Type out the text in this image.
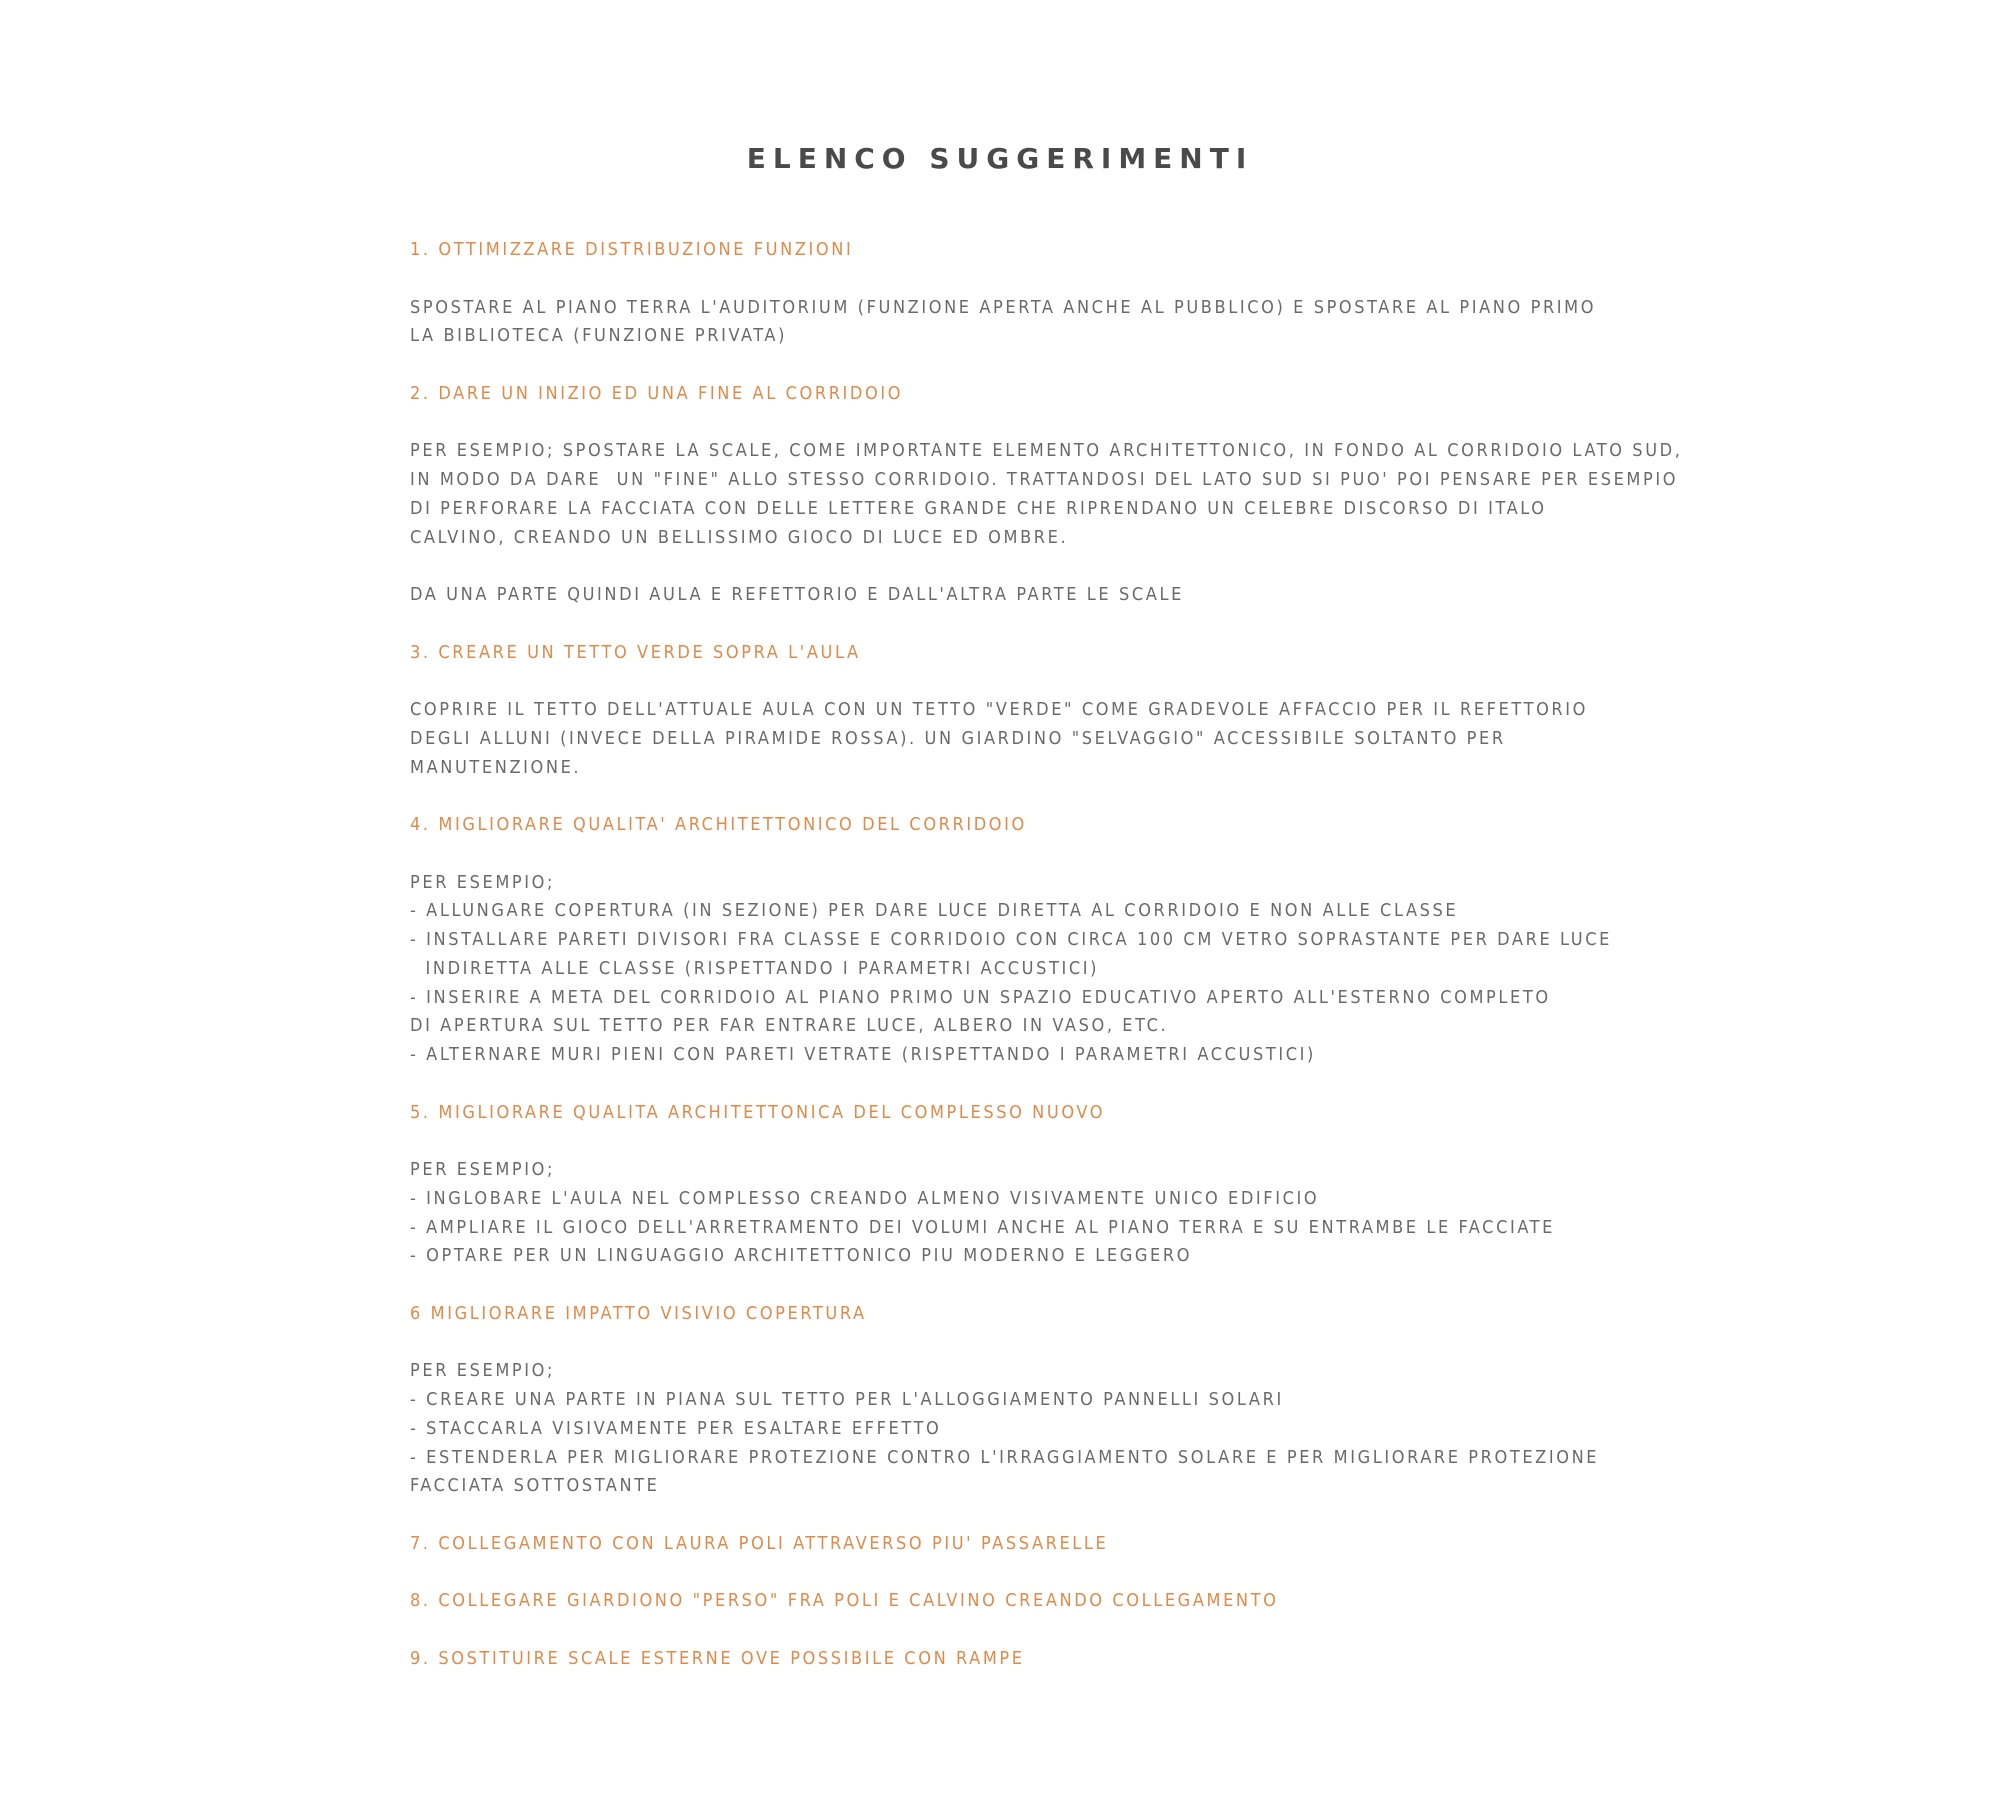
ELENCO SUGGERIMENTI
1. OTTIMIZZARE DISTRIBUZIONE FUNZIONI
SPOSTARE AL PIANO TERRA L'AUDITORIUM (FUNZIONE APERTA ANCHE AL PUBBLICO) E SPOSTARE AL PIANO PRIMO
LA BIBLIOTECA (FUNZIONE PRIVATA)
2. DARE UN INIZIO ED UNA FINE AL CORRIDOIO
PER ESEMPIO; SPOSTARE LA SCALE, COME IMPORTANTE ELEMENTO ARCHITETTONICO, IN FONDO AL CORRIDOIO LATO SUD,
IN MODO DA DARE  UN "FINE" ALLO STESSO CORRIDOIO. TRATTANDOSI DEL LATO SUD SI PUO' POI PENSARE PER ESEMPIO
DI PERFORARE LA FACCIATA CON DELLE LETTERE GRANDE CHE RIPRENDANO UN CELEBRE DISCORSO DI ITALO
CALVINO, CREANDO UN BELLISSIMO GIOCO DI LUCE ED OMBRE.
DA UNA PARTE QUINDI AULA E REFETTORIO E DALL'ALTRA PARTE LE SCALE
3. CREARE UN TETTO VERDE SOPRA L'AULA
COPRIRE IL TETTO DELL'ATTUALE AULA CON UN TETTO "VERDE" COME GRADEVOLE AFFACCIO PER IL REFETTORIO
DEGLI ALLUNI (INVECE DELLA PIRAMIDE ROSSA). UN GIARDINO "SELVAGGIO" ACCESSIBILE SOLTANTO PER
MANUTENZIONE.
4. MIGLIORARE QUALITA' ARCHITETTONICO DEL CORRIDOIO
PER ESEMPIO;
- ALLUNGARE COPERTURA (IN SEZIONE) PER DARE LUCE DIRETTA AL CORRIDOIO E NON ALLE CLASSE
- INSTALLARE PARETI DIVISORI FRA CLASSE E CORRIDOIO CON CIRCA 100 CM VETRO SOPRASTANTE PER DARE LUCE
INDIRETTA ALLE CLASSE (RISPETTANDO I PARAMETRI ACCUSTICI)
- INSERIRE A META DEL CORRIDOIO AL PIANO PRIMO UN SPAZIO EDUCATIVO APERTO ALL'ESTERNO COMPLETO
DI APERTURA SUL TETTO PER FAR ENTRARE LUCE, ALBERO IN VASO, ETC.
- ALTERNARE MURI PIENI CON PARETI VETRATE (RISPETTANDO I PARAMETRI ACCUSTICI)
5. MIGLIORARE QUALITA ARCHITETTONICA DEL COMPLESSO NUOVO
PER ESEMPIO;
- INGLOBARE L'AULA NEL COMPLESSO CREANDO ALMENO VISIVAMENTE UNICO EDIFICIO
- AMPLIARE IL GIOCO DELL'ARRETRAMENTO DEI VOLUMI ANCHE AL PIANO TERRA E SU ENTRAMBE LE FACCIATE
- OPTARE PER UN LINGUAGGIO ARCHITETTONICO PIU MODERNO E LEGGERO
6 MIGLIORARE IMPATTO VISIVIO COPERTURA
PER ESEMPIO;
- CREARE UNA PARTE IN PIANA SUL TETTO PER L'ALLOGGIAMENTO PANNELLI SOLARI
- STACCARLA VISIVAMENTE PER ESALTARE EFFETTO
- ESTENDERLA PER MIGLIORARE PROTEZIONE CONTRO L'IRRAGGIAMENTO SOLARE E PER MIGLIORARE PROTEZIONE
FACCIATA SOTTOSTANTE
7. COLLEGAMENTO CON LAURA POLI ATTRAVERSO PIU' PASSARELLE
8. COLLEGARE GIARDIONO "PERSO" FRA POLI E CALVINO CREANDO COLLEGAMENTO
9. SOSTITUIRE SCALE ESTERNE OVE POSSIBILE CON RAMPE
